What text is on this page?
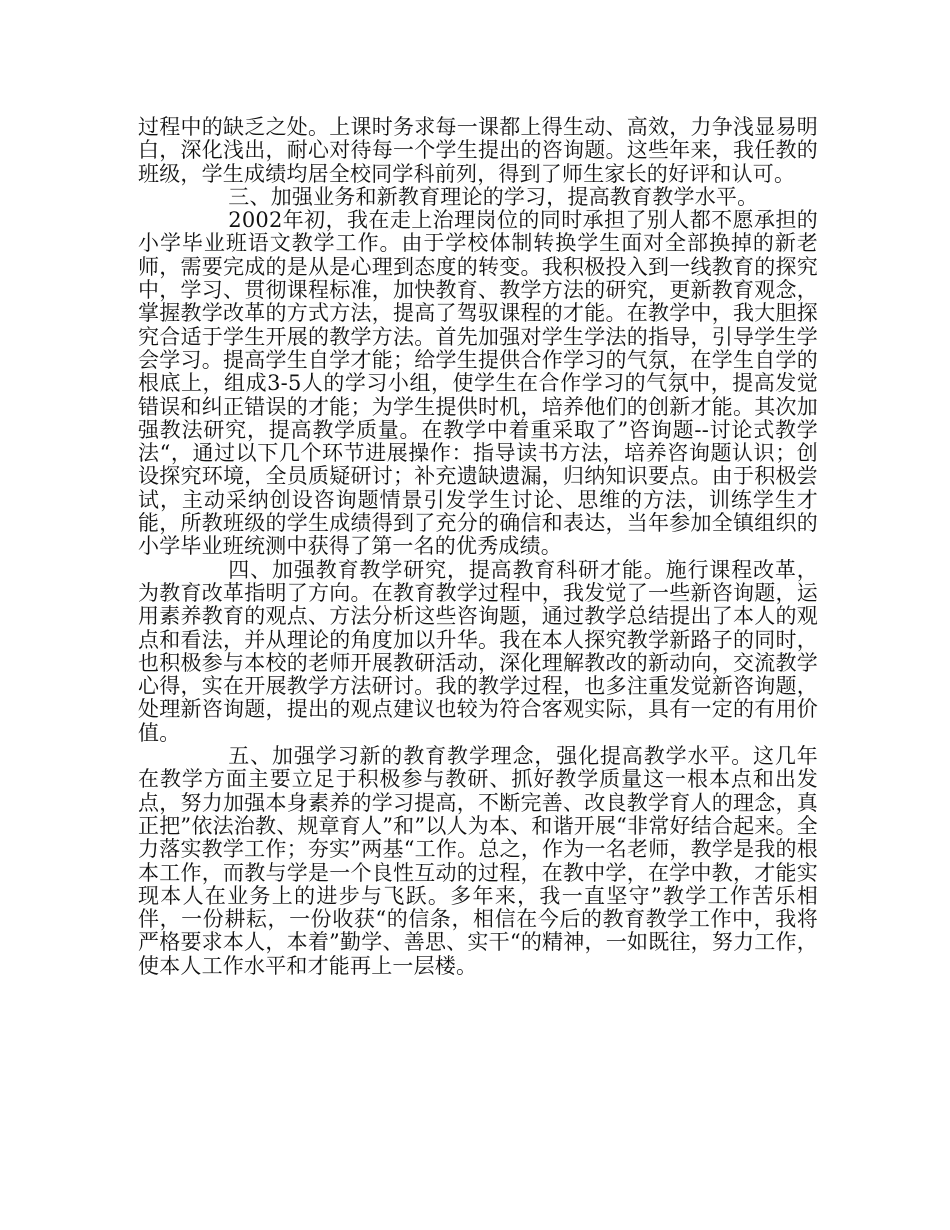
过程中的缺乏之处。上课时务求每一课都上得生动、高效，力争浅显易明白，深化浅出，耐心对待每一个学生提出的咨询题。这些年来，我任教的班级，学生成绩均居全校同学科前列，得到了师生家长的好评和认可。

三、加强业务和新教育理论的学习，提高教育教学水平。

2002年初，我在走上治理岗位的同时承担了别人都不愿承担的小学毕业班语文教学工作。由于学校体制转换学生面对全部换掉的新老师，需要完成的是从是心理到态度的转变。我积极投入到一线教育的探究中，学习、贯彻课程标准，加快教育、教学方法的研究，更新教育观念，掌握教学改革的方式方法，提高了驾驭课程的才能。在教学中，我大胆探究合适于学生开展的教学方法。首先加强对学生学法的指导，引导学生学会学习。提高学生自学才能；给学生提供合作学习的气氛，在学生自学的根底上，组成3-5人的学习小组，使学生在合作学习的气氛中，提高发觉错误和纠正错误的才能；为学生提供时机，培养他们的创新才能。其次加强教法研究，提高教学质量。在教学中着重采取了”咨询题--讨论式教学法“，通过以下几个环节进展操作：指导读书方法，培养咨询题认识；创设探究环境，全员质疑研讨；补充遗缺遗漏，归纳知识要点。由于积极尝试，主动采纳创设咨询题情景引发学生讨论、思维的方法，训练学生才能，所教班级的学生成绩得到了充分的确信和表达，当年参加全镇组织的小学毕业班统测中获得了第一名的优秀成绩。

四、加强教育教学研究，提高教育科研才能。施行课程改革，为教育改革指明了方向。在教育教学过程中，我发觉了一些新咨询题，运用素养教育的观点、方法分析这些咨询题，通过教学总结提出了本人的观点和看法，并从理论的角度加以升华。我在本人探究教学新路子的同时，也积极参与本校的老师开展教研活动，深化理解教改的新动向，交流教学心得，实在开展教学方法研讨。我的教学过程，也多注重发觉新咨询题，处理新咨询题，提出的观点建议也较为符合客观实际，具有一定的有用价值。

五、加强学习新的教育教学理念，强化提高教学水平。这几年在教学方面主要立足于积极参与教研、抓好教学质量这一根本点和出发点，努力加强本身素养的学习提高，不断完善、改良教学育人的理念，真正把”依法治教、规章育人”和”以人为本、和谐开展“非常好结合起来。全力落实教学工作；夯实”两基“工作。总之，作为一名老师，教学是我的根本工作，而教与学是一个良性互动的过程，在教中学，在学中教，才能实现本人在业务上的进步与飞跃。多年来，我一直坚守”教学工作苦乐相伴，一份耕耘，一份收获“的信条，相信在今后的教育教学工作中，我将严格要求本人，本着”勤学、善思、实干“的精神，一如既往，努力工作，使本人工作水平和才能再上一层楼。
